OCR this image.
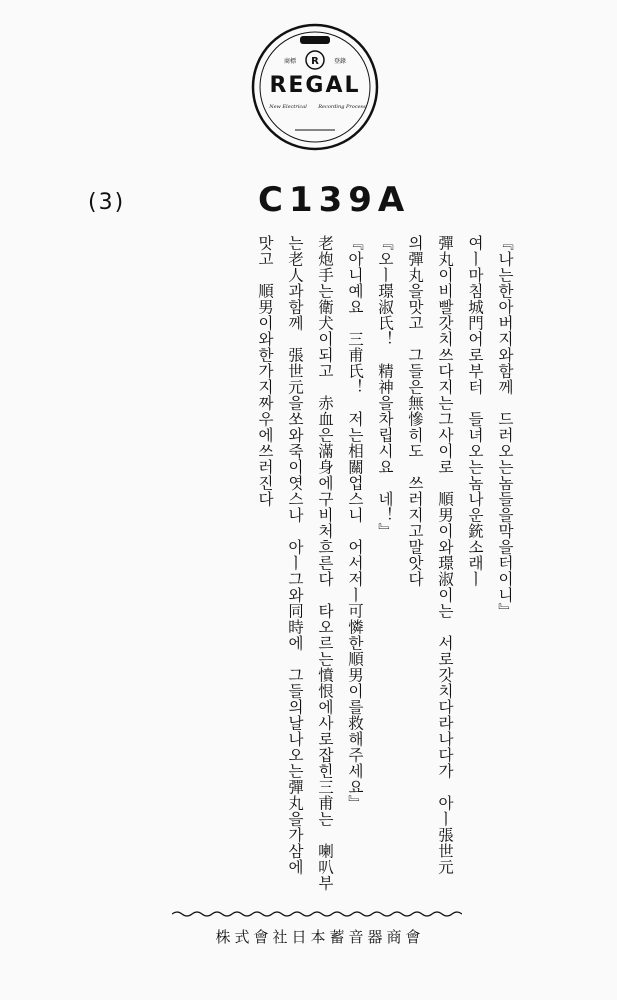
R
商標	登錄
REGAL
New Electrical Recording Process
(3)	C139A
『나는한아버지와함께　드러오는놈들을막을터이니』
여ㅣ마침城門어로부터　들녀오는놈나운銃소래ㅣ
彈丸이비빨갓치쓰다지는그사이로　順男이와璟淑이는　서로갓치다라나다가　아ㅣ張世元
의彈丸을맛고　그들은無慘히도　쓰러지고말앗다
『오ㅣ璟淑氏！　精神을차립시요　네！』
『아니예요　三甫氏！　저는相關업스니　어서저ㅣ可憐한順男이를救해주세요』
老炮手는衛犬이되고　赤血은滿身에구비처흐른다　타오르는憤恨에사로잡힌三甫는　喇叭부
는老人과함께　張世元을쏘와죽이엿스나　아ㅣ그와同時에　그들의날나오는彈丸을가삼에
맛고　順男이와한가지짜우에쓰러진다
株式會社日本蓄音器商會
